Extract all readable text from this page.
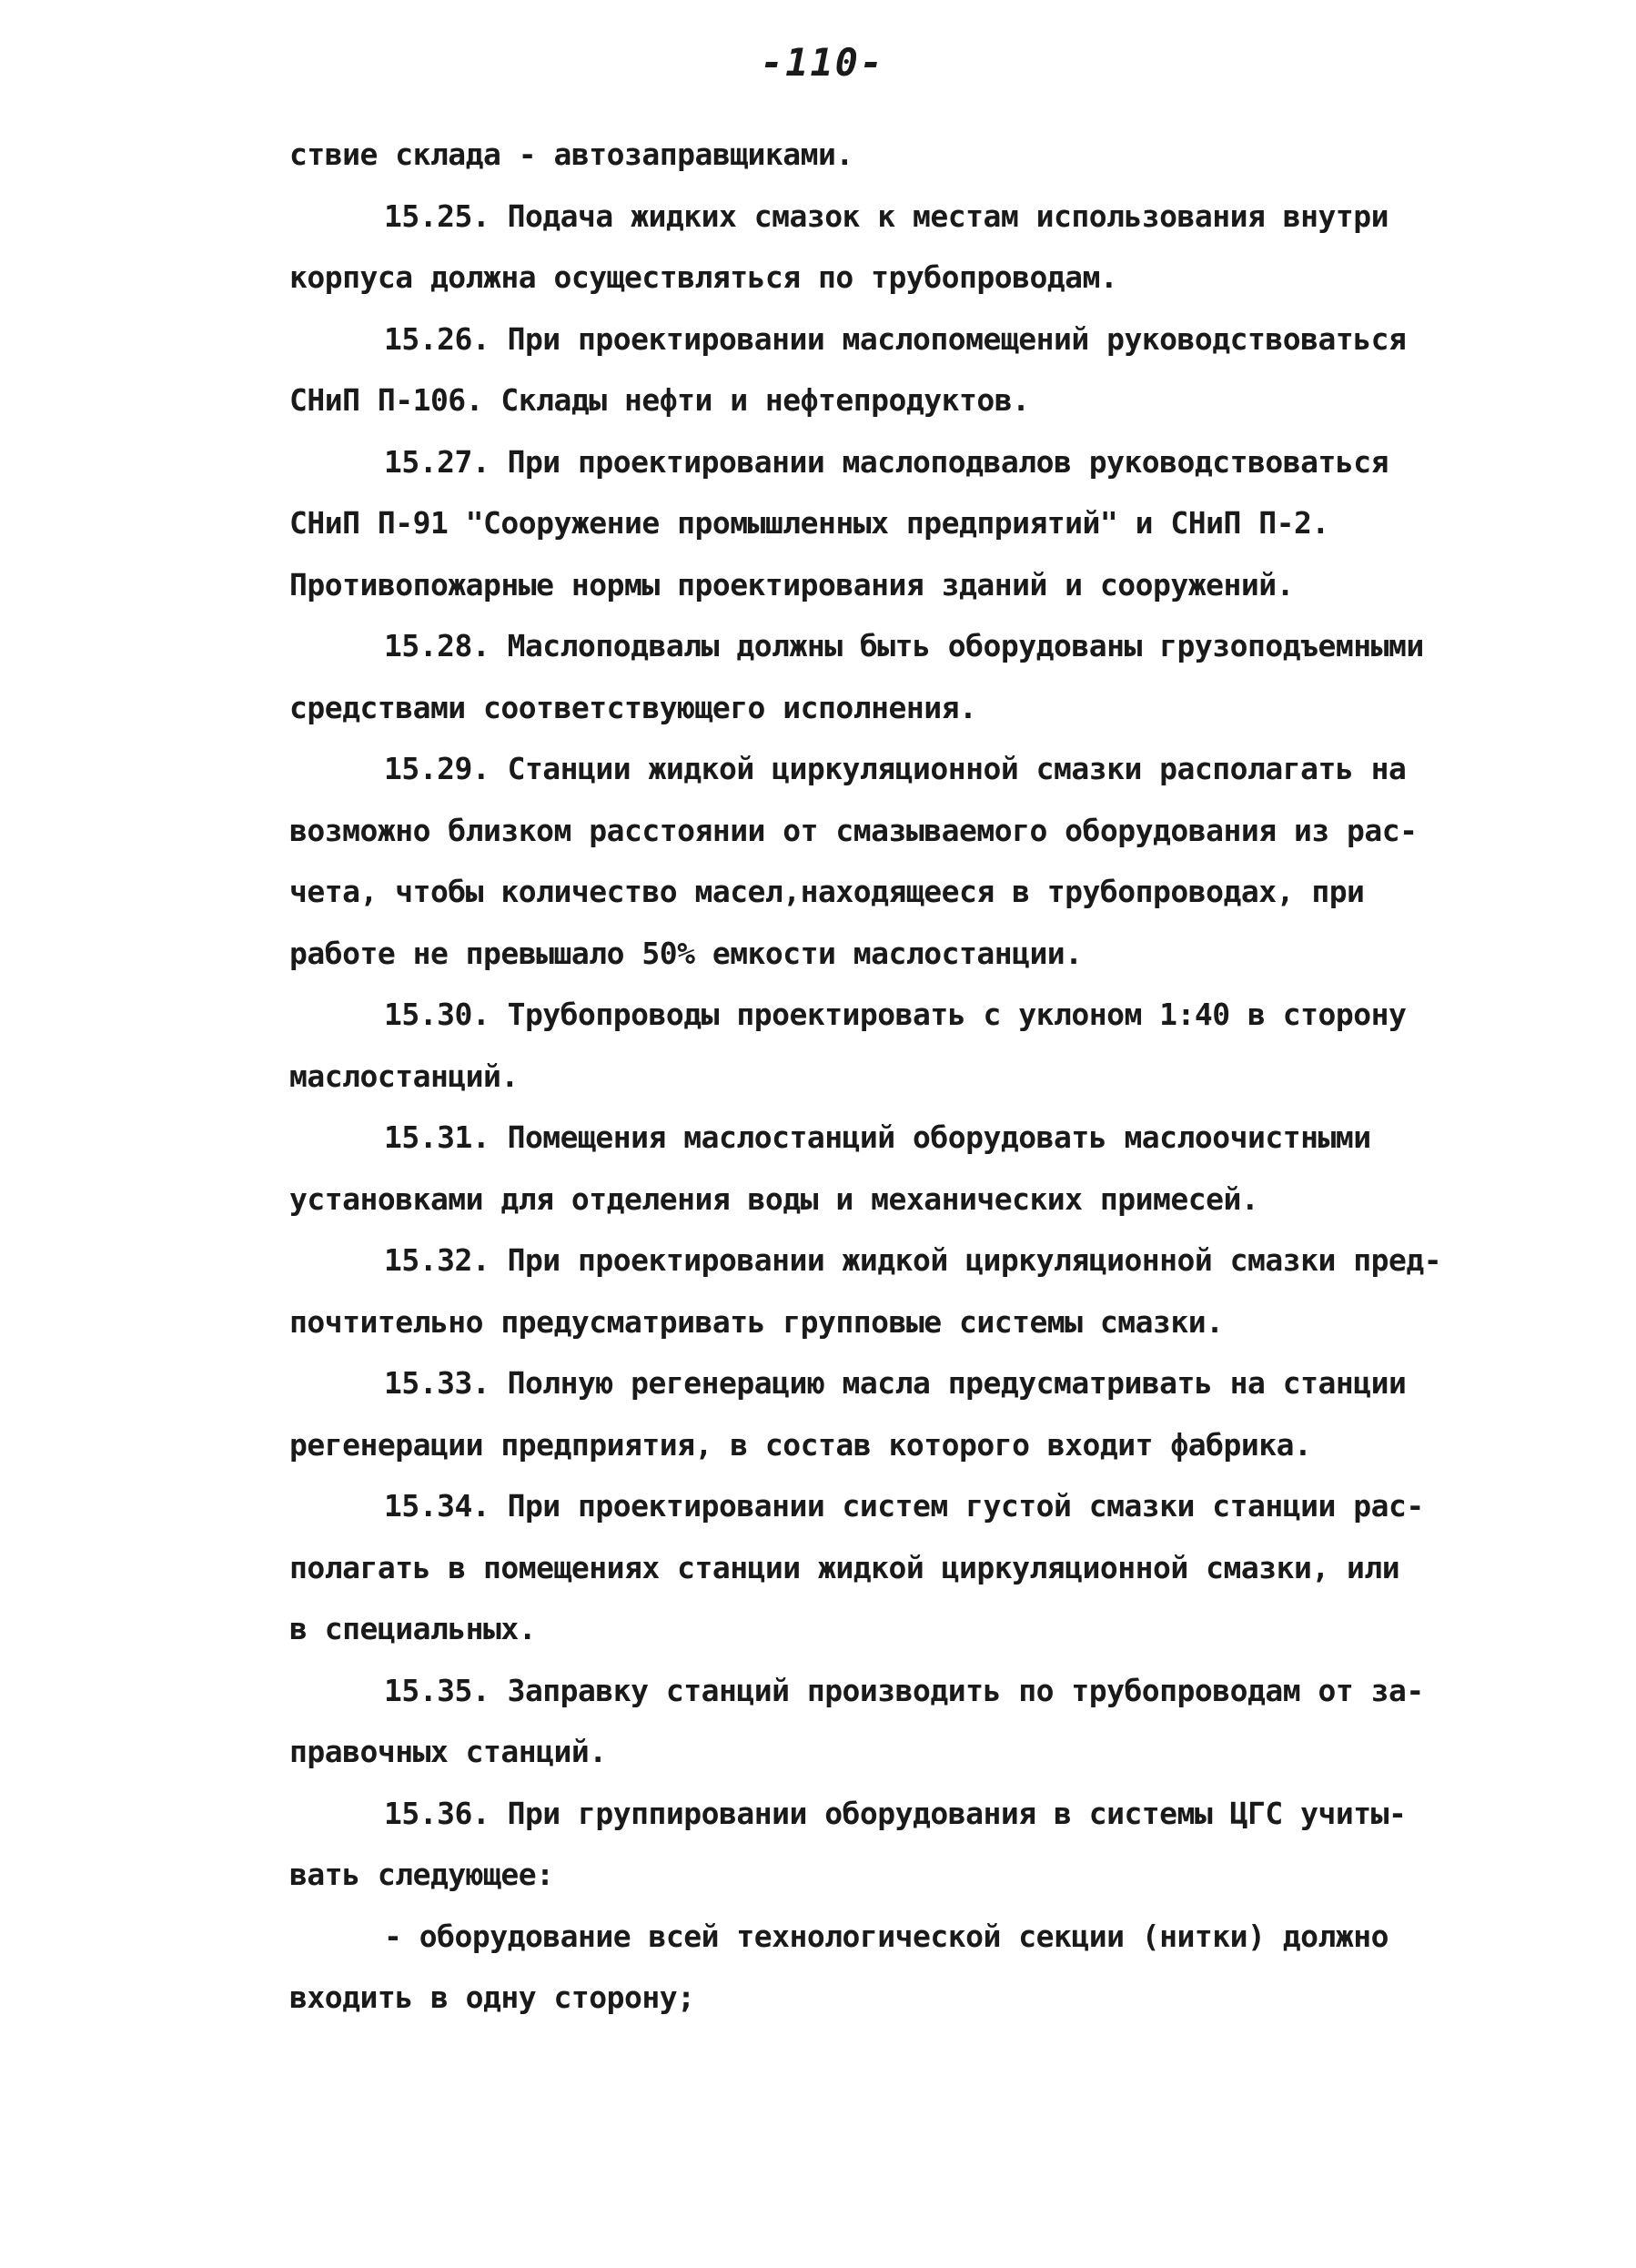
-110-
ствие склада - автозаправщиками.
15.25. Подача жидких смазок к местам использования внутри
корпуса должна осуществляться по трубопроводам.
15.26. При проектировании маслопомещений руководствоваться
СНиП П-106. Склады нефти и нефтепродуктов.
15.27. При проектировании маслоподвалов руководствоваться
СНиП П-91 "Сооружение промышленных предприятий" и СНиП П-2.
Противопожарные нормы проектирования зданий и сооружений.
15.28. Маслоподвалы должны быть оборудованы грузоподъемными
средствами соответствующего исполнения.
15.29. Станции жидкой циркуляционной смазки располагать на
возможно близком расстоянии от смазываемого оборудования из рас-
чета, чтобы количество масел,находящееся в трубопроводах, при
работе не превышало 50% емкости маслостанции.
15.30. Трубопроводы проектировать с уклоном 1:40 в сторону
маслостанций.
15.31. Помещения маслостанций оборудовать маслоочистными
установками для отделения воды и механических примесей.
15.32. При проектировании жидкой циркуляционной смазки пред-
почтительно предусматривать групповые системы смазки.
15.33. Полную регенерацию масла предусматривать на станции
регенерации предприятия, в состав которого входит фабрика.
15.34. При проектировании систем густой смазки станции рас-
полагать в помещениях станции жидкой циркуляционной смазки, или
в специальных.
15.35. Заправку станций производить по трубопроводам от за-
правочных станций.
15.36. При группировании оборудования в системы ЦГС учиты-
вать следующее:
- оборудование всей технологической секции (нитки) должно
входить в одну сторону;
